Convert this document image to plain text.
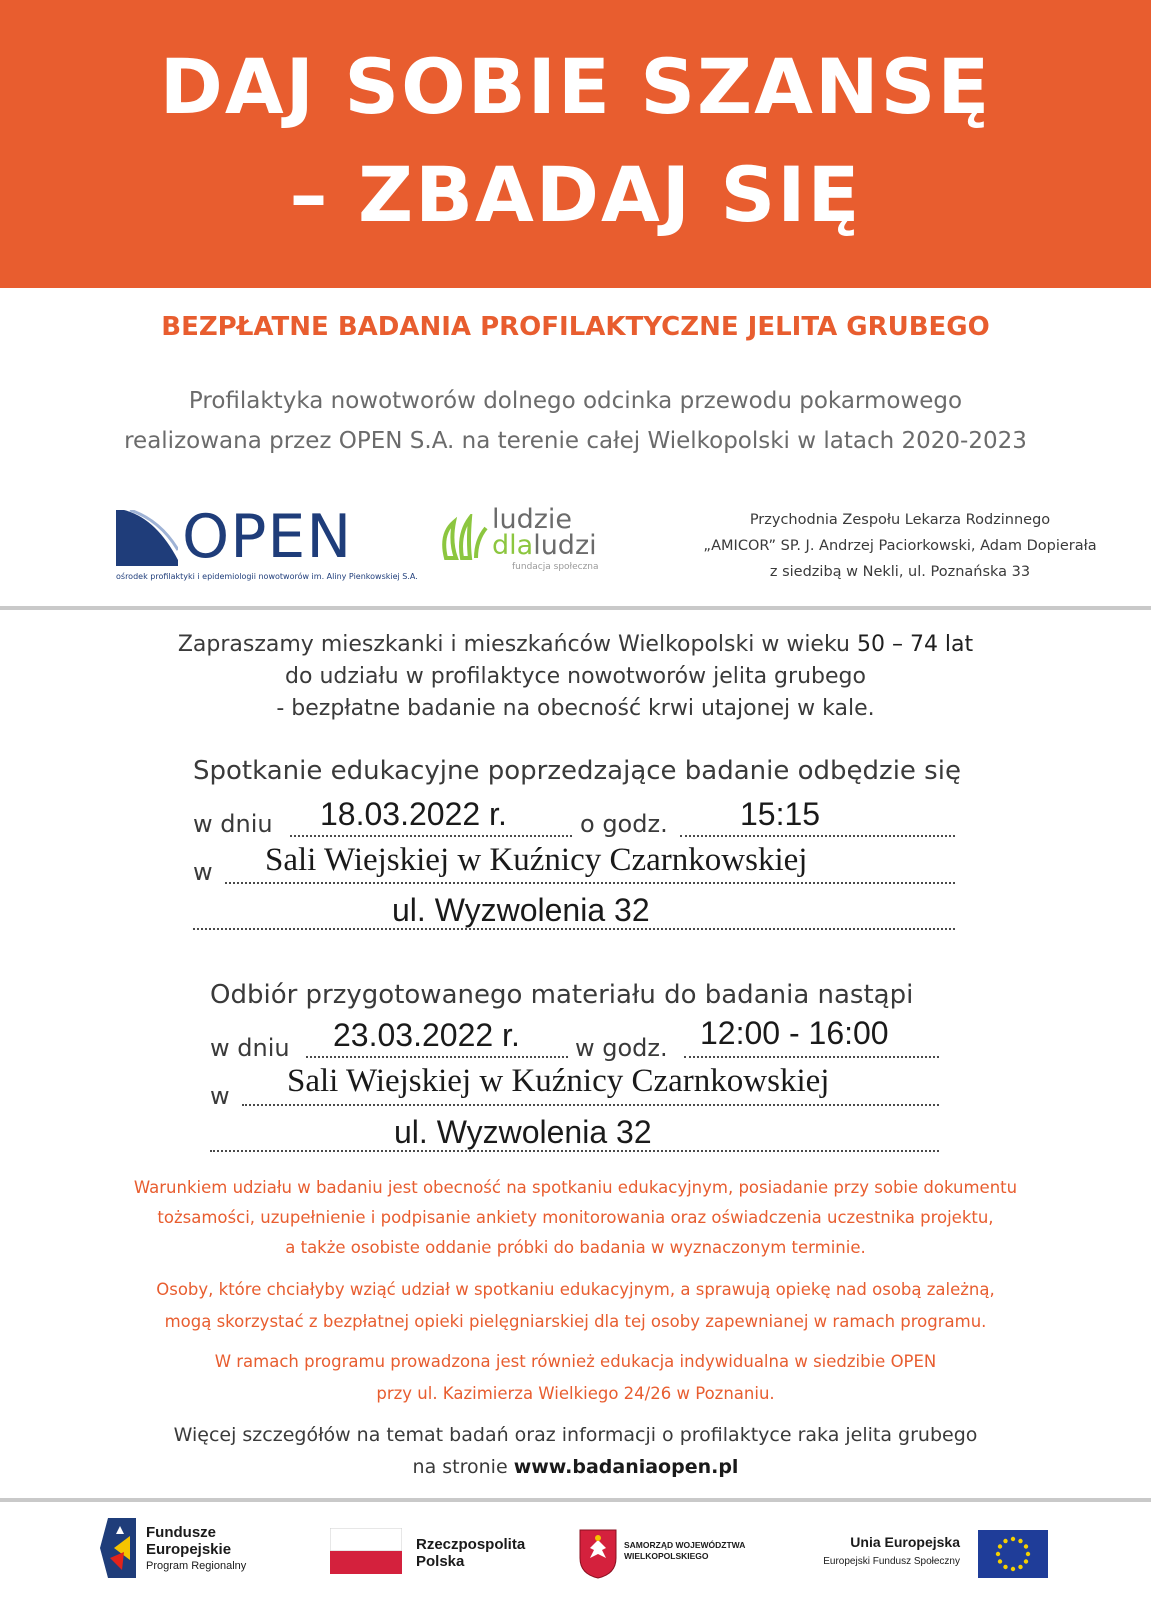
DAJ SOBIE SZANSĘ
– ZBADAJ SIĘ
BEZPŁATNE BADANIA PROFILAKTYCZNE JELITA GRUBEGO
Profilaktyka nowotworów dolnego odcinka przewodu pokarmowego
realizowana przez OPEN S.A. na terenie całej Wielkopolski w latach 2020-2023
OPEN
ośrodek profilaktyki i epidemiologii nowotworów im. Aliny Pienkowskiej S.A.
ludzie
dlaludzi
fundacja społeczna
Przychodnia Zespołu Lekarza Rodzinnego
„AMICOR” SP. J. Andrzej Paciorkowski, Adam Dopierała
z siedzibą w Nekli, ul. Poznańska 33
Zapraszamy mieszkanki i mieszkańców Wielkopolski w wieku 50 – 74 lat
do udziału w profilaktyce nowotworów jelita grubego
- bezpłatne badanie na obecność krwi utajonej w kale.
Spotkanie edukacyjne poprzedzające badanie odbędzie się
w dniu 18.03.2022 r.	o godz. 15:15
w Sali Wiejskiej w Kuźnicy Czarnkowskiej
ul. Wyzwolenia 32
Odbiór przygotowanego materiału do badania nastąpi
w dniu 23.03.2022 r. w godz. 12:00 - 16:00
w Sali Wiejskiej w Kuźnicy Czarnkowskiej
ul. Wyzwolenia 32
Warunkiem udziału w badaniu jest obecność na spotkaniu edukacyjnym, posiadanie przy sobie dokumentu
tożsamości, uzupełnienie i podpisanie ankiety monitorowania oraz oświadczenia uczestnika projektu,
a także osobiste oddanie próbki do badania w wyznaczonym terminie.
Osoby, które chciałyby wziąć udział w spotkaniu edukacyjnym, a sprawują opiekę nad osobą zależną,
mogą skorzystać z bezpłatnej opieki pielęgniarskiej dla tej osoby zapewnianej w ramach programu.
W ramach programu prowadzona jest również edukacja indywidualna w siedzibie OPEN
przy ul. Kazimierza Wielkiego 24/26 w Poznaniu.
Więcej szczegółów na temat badań oraz informacji o profilaktyce raka jelita grubego
na stronie www.badaniaopen.pl
Fundusze
Europejskie
Program Regionalny
Rzeczpospolita
Polska
SAMORZĄD WOJEWÓDZTWA
WIELKOPOLSKIEGO
Unia Europejska
Europejski Fundusz Społeczny
